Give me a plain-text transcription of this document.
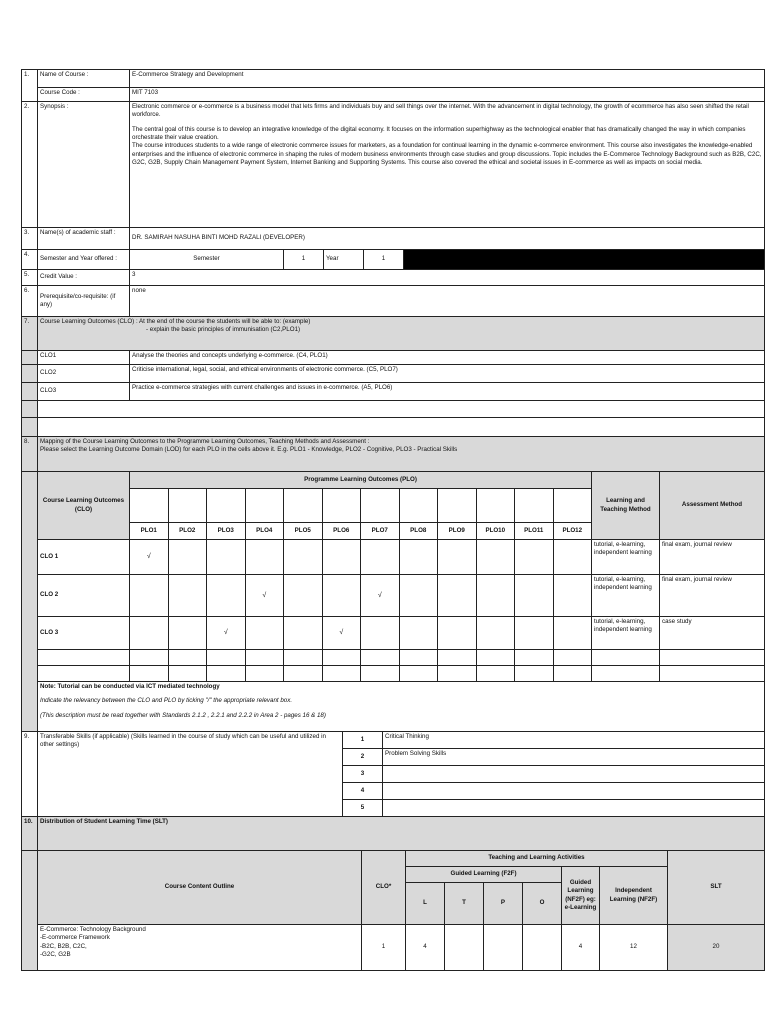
1.	Name of Course :	E-Commerce Strategy and Development
	Course Code :	MIT 7103
2.	Synopsis :	Electronic commerce or e-commerce is a business model that lets firms and individuals buy and sell things over the internet. With the advancement in digital technology, the growth of ecommerce has also seen shifted the retail workforce.

The central goal of this course is to develop an integrative knowledge of the digital economy. It focuses on the information superhighway as the technological enabler that has dramatically changed the way in which companies orchestrate their value creation.

The course introduces students to a wide range of electronic commerce issues for marketers, as a foundation for continual learning in the dynamic e-commerce environment. This course also investigates the knowledge-enabled enterprises and the influence of electronic commerce in shaping the rules of modern business environments through case studies and group discussions. Topic includes the E-Commerce Technology Background such as B2B, C2C, G2C, G2B, Supply Chain Management Payment System, Internet Banking and Supporting Systems. This course also covered the ethical and societal issues in E-commerce as well as impacts on social media.

3.	Name(s) of academic staff :	DR. SAMIRAH NASUHA BINTI MOHD RAZALI (DEVELOPER)
4.	Semester and Year offered :	Semester	1	Year	1	
5.	Credit Value :	3
6.	Prerequisite/co-requisite: (if any)	none
7.	Course Learning Outcomes (CLO) : At the end of the course the students will be able to: (example)

- explain the basic principles of immunisation (C2,PLO1)	

	CLO1	Analyse the theories and concepts underlying e-commerce. (C4, PLO1)
	CLO2	Criticise international, legal, social, and ethical environments of electronic commerce. (C5, PLO7)
	CLO3	Practice e-commerce strategies with current challenges and issues in e-commerce. (A5, PLO6)

8.	Mapping of the Course Learning Outcomes to the Programme Learning Outcomes, Teaching Methods and Assessment :

Please select the Learning Outcome Domain (LOD) for each PLO in the cells above it. E.g. PLO1 - Knowledge, PLO2 - Cognitive, PLO3 - Practical Skills														

	Course Learning Outcomes (CLO)	Programme Learning Outcomes (PLO)												Learning and Teaching Method	Assessment Method

		PLO1	PLO2	PLO3	PLO4	PLO5	PLO6	PLO7	PLO8	PLO9	PLO10	PLO11	PLO12		
	CLO 1	√												tutorial, e-learning, independent learning	final exam, journal review
	CLO 2				√			√						tutorial, e-learning, independent learning	final exam, journal review
	CLO 3			√			√							tutorial, e-learning, independent learning	case study

	Note: Tutorial can be conducted via ICT mediated technology

Indicate the relevancy between the CLO and PLO by ticking "/" the appropriate relevant box.

(This description must be read together with Standards 2.1.2 , 2.2.1 and 2.2.2 in Area 2 - pages 16 & 18)														

9.	Transferable Skills (if applicable) (Skills learned in the course of study which can be useful and utilized in other settings)	1	Critical Thinking
		2	Problem Solving Skills
		3	
		4	
		5	
10.	Distribution of Student Learning Time (SLT)								
	Course Content Outline	CLO*	Teaching and Learning Activities						SLT
			Guided Learning (F2F)				Guided Learning (NF2F) eg: e-Learning	Independent Learning (NF2F)	
			L	T	P	O			

	E-Commerce: Technology Background

-E-commerce Framework

-B2C, B2B, C2C,

-G2C, G2B	1	4				4	12	20
